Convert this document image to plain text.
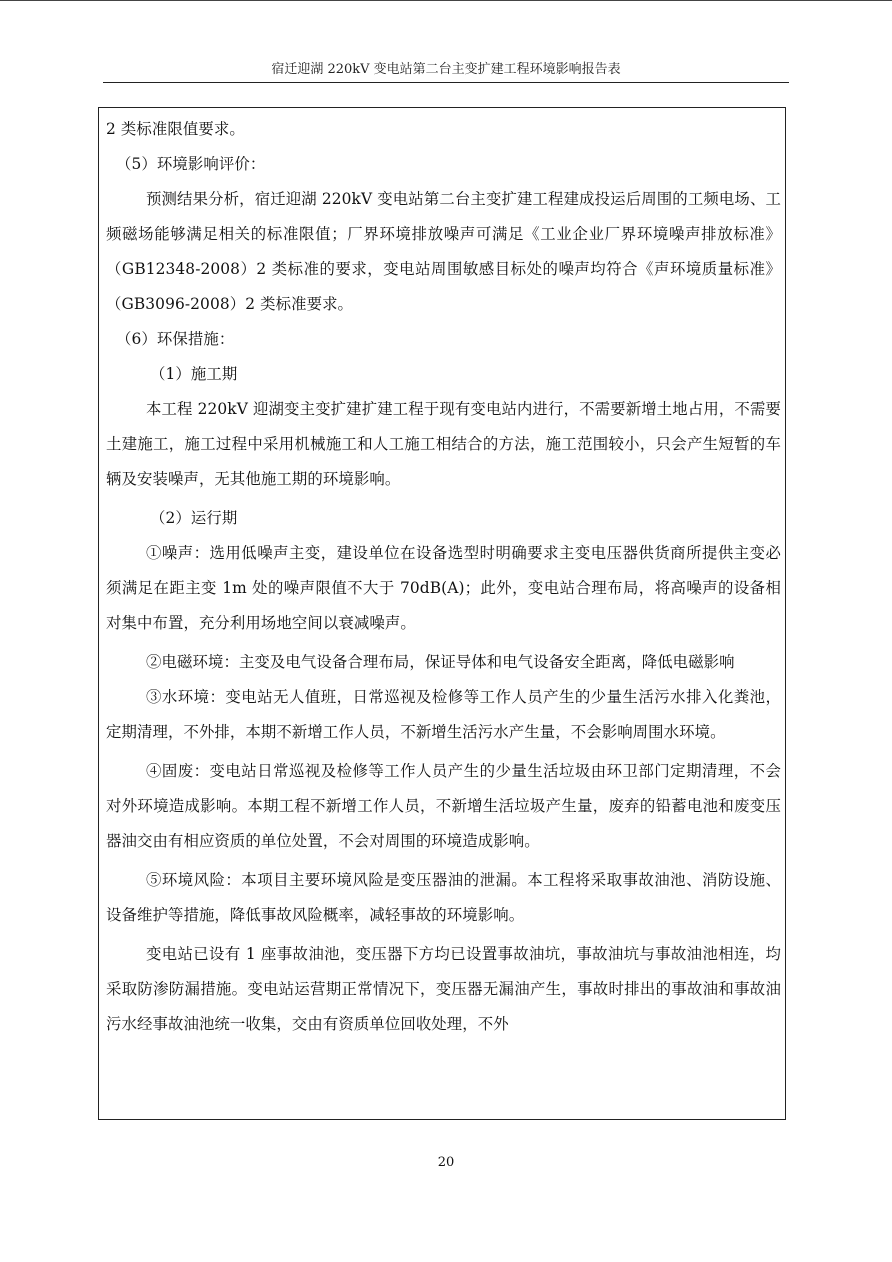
宿迁迎湖 220kV 变电站第二台主变扩建工程环境影响报告表

2 类标准限值要求。

（5）环境影响评价：

预测结果分析，宿迁迎湖 220kV 变电站第二台主变扩建工程建成投运后周围的工频电场、工频磁场能够满足相关的标准限值；厂界环境排放噪声可满足《工业企业厂界环境噪声排放标准》（GB12348-2008）2 类标准的要求，变电站周围敏感目标处的噪声均符合《声环境质量标准》（GB3096-2008）2 类标准要求。

（6）环保措施：

（1）施工期

本工程 220kV 迎湖变主变扩建扩建工程于现有变电站内进行，不需要新增土地占用，不需要土建施工，施工过程中采用机械施工和人工施工相结合的方法，施工范围较小，只会产生短暂的车辆及安装噪声，无其他施工期的环境影响。

（2）运行期

①噪声：选用低噪声主变，建设单位在设备选型时明确要求主变电压器供货商所提供主变必须满足在距主变 1m 处的噪声限值不大于 70dB(A)；此外，变电站合理布局，将高噪声的设备相对集中布置，充分利用场地空间以衰减噪声。

②电磁环境：主变及电气设备合理布局，保证导体和电气设备安全距离，降低电磁影响

③水环境：变电站无人值班，日常巡视及检修等工作人员产生的少量生活污水排入化粪池，定期清理，不外排，本期不新增工作人员，不新增生活污水产生量，不会影响周围水环境。

④固废：变电站日常巡视及检修等工作人员产生的少量生活垃圾由环卫部门定期清理，不会对外环境造成影响。本期工程不新增工作人员，不新增生活垃圾产生量，废弃的铅蓄电池和废变压器油交由有相应资质的单位处置，不会对周围的环境造成影响。

⑤环境风险：本项目主要环境风险是变压器油的泄漏。本工程将采取事故油池、消防设施、设备维护等措施，降低事故风险概率，减轻事故的环境影响。

变电站已设有 1 座事故油池，变压器下方均已设置事故油坑，事故油坑与事故油池相连，均采取防渗防漏措施。变电站运营期正常情况下，变压器无漏油产生，事故时排出的事故油和事故油污水经事故油池统一收集，交由有资质单位回收处理，不外

20
